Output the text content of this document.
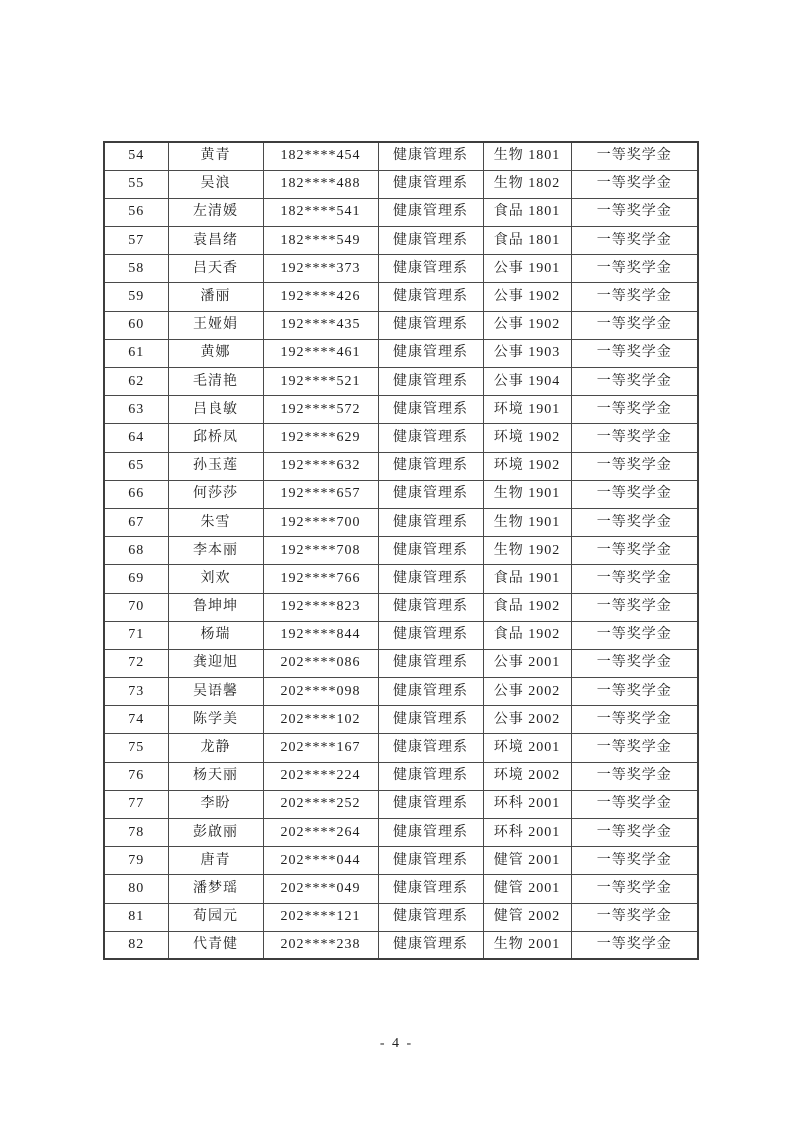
54	黄青	182****454	健康管理系	生物 1801	一等奖学金
55	吴浪	182****488	健康管理系	生物 1802	一等奖学金
56	左清媛	182****541	健康管理系	食品 1801	一等奖学金
57	袁昌绪	182****549	健康管理系	食品 1801	一等奖学金
58	吕天香	192****373	健康管理系	公事 1901	一等奖学金
59	潘丽	192****426	健康管理系	公事 1902	一等奖学金
60	王娅娟	192****435	健康管理系	公事 1902	一等奖学金
61	黄娜	192****461	健康管理系	公事 1903	一等奖学金
62	毛清艳	192****521	健康管理系	公事 1904	一等奖学金
63	吕良敏	192****572	健康管理系	环境 1901	一等奖学金
64	邱桥凤	192****629	健康管理系	环境 1902	一等奖学金
65	孙玉莲	192****632	健康管理系	环境 1902	一等奖学金
66	何莎莎	192****657	健康管理系	生物 1901	一等奖学金
67	朱雪	192****700	健康管理系	生物 1901	一等奖学金
68	李本丽	192****708	健康管理系	生物 1902	一等奖学金
69	刘欢	192****766	健康管理系	食品 1901	一等奖学金
70	鲁坤坤	192****823	健康管理系	食品 1902	一等奖学金
71	杨瑞	192****844	健康管理系	食品 1902	一等奖学金
72	龚迎旭	202****086	健康管理系	公事 2001	一等奖学金
73	吴语馨	202****098	健康管理系	公事 2002	一等奖学金
74	陈学美	202****102	健康管理系	公事 2002	一等奖学金
75	龙静	202****167	健康管理系	环境 2001	一等奖学金
76	杨天丽	202****224	健康管理系	环境 2002	一等奖学金
77	李盼	202****252	健康管理系	环科 2001	一等奖学金
78	彭啟丽	202****264	健康管理系	环科 2001	一等奖学金
79	唐青	202****044	健康管理系	健管 2001	一等奖学金
80	潘梦瑶	202****049	健康管理系	健管 2001	一等奖学金
81	荀园元	202****121	健康管理系	健管 2002	一等奖学金
82	代青健	202****238	健康管理系	生物 2001	一等奖学金
- 4 -
